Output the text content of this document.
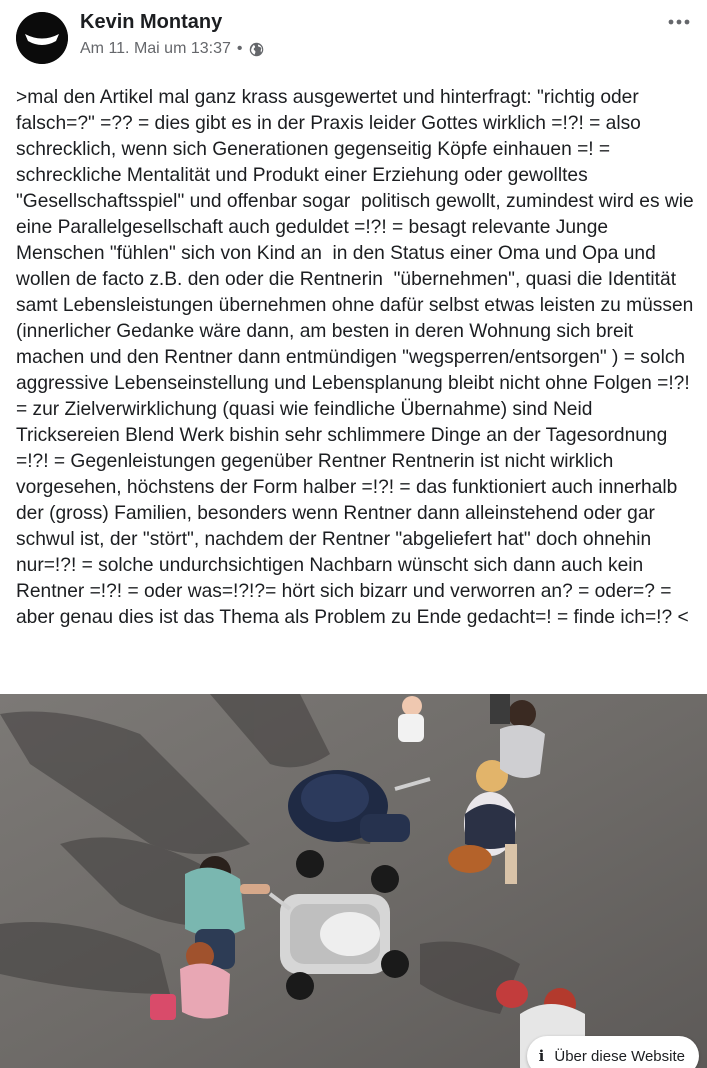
Kevin Montany
Am 11. Mai um 13:37 •
>mal den Artikel mal ganz krass ausgewertet und hinterfragt: "richtig oder falsch=?" =?? = dies gibt es in der Praxis leider Gottes wirklich =!?! = also schrecklich, wenn sich Generationen gegenseitig Köpfe einhauen =! = schreckliche Mentalität und Produkt einer Erziehung oder gewolltes "Gesellschaftsspiel" und offenbar sogar  politisch gewollt, zumindest wird es wie eine Parallelgesellschaft auch geduldet =!?! = besagt relevante Junge Menschen "fühlen" sich von Kind an  in den Status einer Oma und Opa und wollen de facto z.B. den oder die Rentnerin  "übernehmen", quasi die Identität samt Lebensleistungen übernehmen ohne dafür selbst etwas leisten zu müssen (innerlicher Gedanke wäre dann, am besten in deren Wohnung sich breit machen und den Rentner dann entmündigen "wegsperren/entsorgen" ) = solch aggressive Lebenseinstellung und Lebensplanung bleibt nicht ohne Folgen =!?! = zur Zielverwirklichung (quasi wie feindliche Übernahme) sind Neid Trickserеien Blend Werk bishin sehr schlimmere Dinge an der Tagesordnung =!?! = Gegenleistungen gegenüber Rentner Rentnerin ist nicht wirklich vorgesehen, höchstens der Form halber =!?! = das funktioniert auch innerhalb der (gross) Familien, besonders wenn Rentner dann alleinstehend oder gar schwul ist, der "stört", nachdem der Rentner "abgeliefert hat" doch ohnehin nur=!?! = solche undurchsichtigen Nachbarn wünscht sich dann auch kein Rentner =!?! = oder was=!?!?= hört sich bizarr und verworren an? = oder=? = aber genau dies ist das Thema als Problem zu Ende gedacht=! = finde ich=!? <
i Über diese Website
